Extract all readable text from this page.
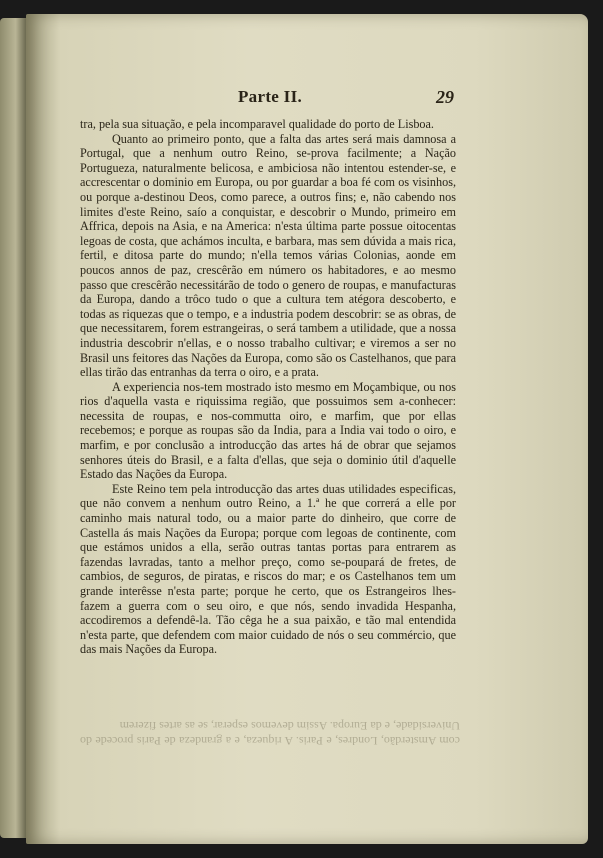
Parte II.	29

tra, pela sua situação, e pela incomparavel qualidade do porto de Lisboa.

Quanto ao primeiro ponto, que a falta das artes será mais damnosa a Portugal, que a nenhum outro Reino, se-prova facilmente; a Nação Portugueza, naturalmente belicosa, e ambiciosa não intentou estender-se, e accrescentar o dominio em Europa, ou por guardar a boa fé com os visinhos, ou porque a-destinou Deos, como parece, a outros fins; e, não cabendo nos limites d'este Reino, saío a conquistar, e descobrir o Mundo, primeiro em Affrica, depois na Asia, e na America: n'esta última parte possue oitocentas legoas de costa, que achámos inculta, e barbara, mas sem dúvida a mais rica, fertil, e ditosa parte do mundo; n'ella temos várias Colonias, aonde em poucos annos de paz, crescêrão em número os habitadores, e ao mesmo passo que crescêrão necessitárão de todo o genero de roupas, e manufacturas da Europa, dando a trôco tudo o que a cultura tem atégora descoberto, e todas as riquezas que o tempo, e a industria podem descobrir: se as obras, de que necessitarem, forem estrangeiras, o será tambem a utilidade, que a nossa industria descobrir n'ellas, e o nosso trabalho cultivar; e viremos a ser no Brasil uns feitores das Nações da Europa, como são os Castelhanos, que para ellas tirão das entranhas da terra o oiro, e a prata.

A experiencia nos-tem mostrado isto mesmo em Moçambique, ou nos rios d'aquella vasta e riquissima região, que possuimos sem a-conhecer: necessita de roupas, e nos-commutta oiro, e marfim, que por ellas recebemos; e porque as roupas são da India, para a India vai todo o oiro, e marfim, e por conclusão a introducção das artes há de obrar que sejamos senhores úteis do Brasil, e a falta d'ellas, que seja o dominio útil d'aquelle Estado das Nações da Europa.

Este Reino tem pela introducção das artes duas utilidades especificas, que não convem a nenhum outro Reino, a 1.ª he que correrá a elle por caminho mais natural todo, ou a maior parte do dinheiro, que corre de Castella ás mais Nações da Europa; porque com legoas de continente, com que estámos unidos a ella, serão outras tantas portas para entrarem as fazendas lavradas, tanto a melhor preço, como se-poupará de fretes, de cambios, de seguros, de piratas, e riscos do mar; e os Castelhanos tem um grande interêsse n'esta parte; porque he certo, que os Estrangeiros lhes-fazem a guerra com o seu oiro, e que nós, sendo invadida Hespanha, accodiremos a defendê-la. Tão cêga he a sua paixão, e tão mal entendida n'esta parte, que defendem com maior cuidado de nós o seu commércio, que das mais Nações da Europa.

com Amsterdão, Londres, e Paris. A riqueza, e a grandeza de Paris procede do Universidade, e da Europa. Assim devemos esperar, se as artes fizerem
